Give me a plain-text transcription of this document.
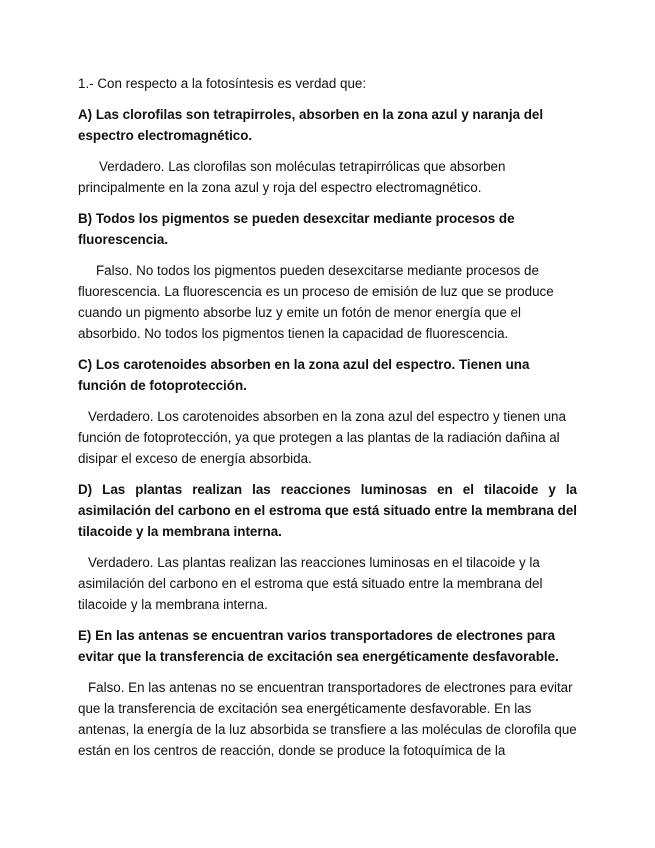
1.- Con respecto a la fotosíntesis es verdad que:

A) Las clorofilas son tetrapirroles, absorben en la zona azul y naranja del espectro electromagnético.

Verdadero. Las clorofilas son moléculas tetrapirrólicas que absorben principalmente en la zona azul y roja del espectro electromagnético.

B) Todos los pigmentos se pueden desexcitar mediante procesos de fluorescencia.

Falso. No todos los pigmentos pueden desexcitarse mediante procesos de fluorescencia. La fluorescencia es un proceso de emisión de luz que se produce cuando un pigmento absorbe luz y emite un fotón de menor energía que el absorbido. No todos los pigmentos tienen la capacidad de fluorescencia.

C) Los carotenoides absorben en la zona azul del espectro. Tienen una función de fotoprotección.

Verdadero. Los carotenoides absorben en la zona azul del espectro y tienen una función de fotoprotección, ya que protegen a las plantas de la radiación dañina al disipar el exceso de energía absorbida.

D) Las plantas realizan las reacciones luminosas en el tilacoide y la asimilación del carbono en el estroma que está situado entre la membrana del tilacoide y la membrana interna.

Verdadero. Las plantas realizan las reacciones luminosas en el tilacoide y la asimilación del carbono en el estroma que está situado entre la membrana del tilacoide y la membrana interna.

E) En las antenas se encuentran varios transportadores de electrones para evitar que la transferencia de excitación sea energéticamente desfavorable.

Falso. En las antenas no se encuentran transportadores de electrones para evitar que la transferencia de excitación sea energéticamente desfavorable. En las antenas, la energía de la luz absorbida se transfiere a las moléculas de clorofila que están en los centros de reacción, donde se produce la fotoquímica de la
